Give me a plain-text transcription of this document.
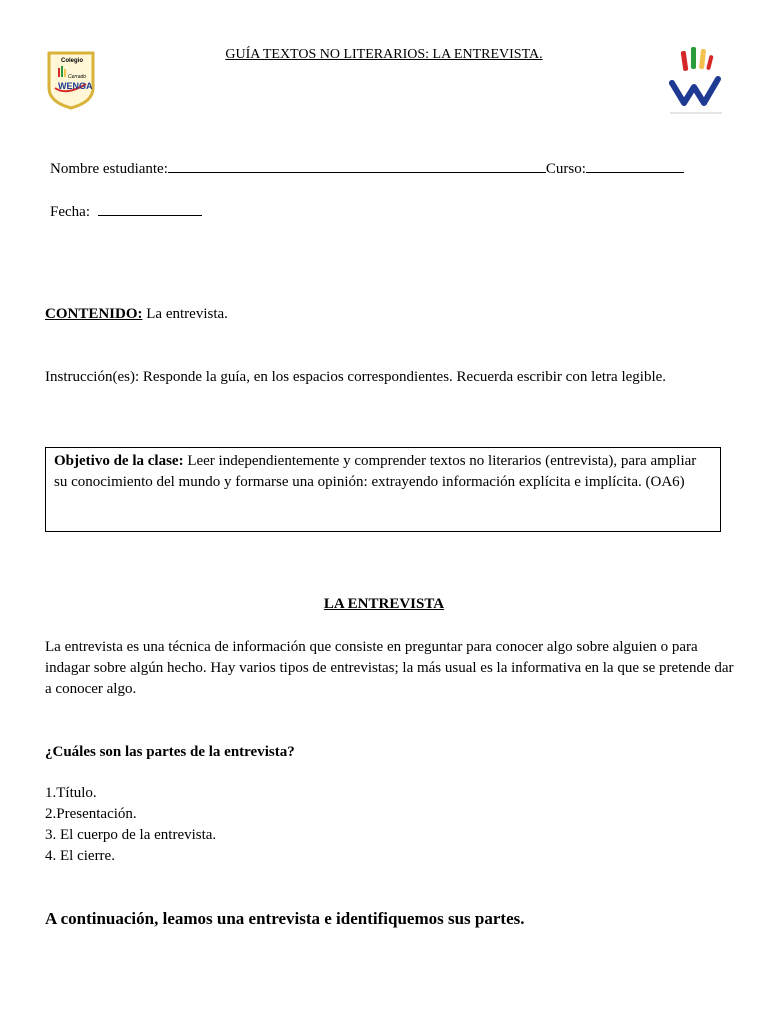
Colegio
Cerrado
WENGA
GUÍA TEXTOS NO LITERARIOS: LA ENTREVISTA.
Nombre estudiante:	Curso:
Fecha:
CONTENIDO: La entrevista.
Instrucción(es): Responde la guía, en los espacios correspondientes. Recuerda escribir con letra legible.
Objetivo de la clase: Leer independientemente y comprender textos no literarios (entrevista), para ampliar su conocimiento del mundo y formarse una opinión: extrayendo información explícita e implícita. (OA6)
LA ENTREVISTA
La entrevista es una técnica de información que consiste en preguntar para conocer algo sobre alguien o para indagar sobre algún hecho. Hay varios tipos de entrevistas; la más usual es la informativa en la que se pretende dar a conocer algo.
¿Cuáles son las partes de la entrevista?
1.Título.
2.Presentación.
3. El cuerpo de la entrevista.
4. El cierre.
A continuación, leamos una entrevista e identifiquemos sus partes.
